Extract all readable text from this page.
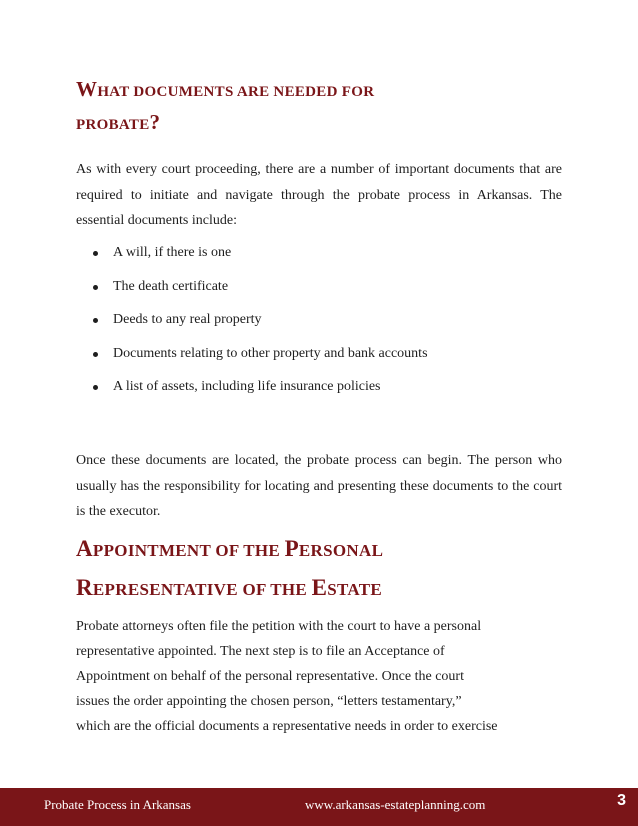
WHAT DOCUMENTS ARE NEEDED FOR
PROBATE?

As with every court proceeding, there are a number of important documents that are required to initiate and navigate through the probate process in Arkansas. The essential documents include:

A will, if there is one
The death certificate
Deeds to any real property
Documents relating to other property and bank accounts
A list of assets, including life insurance policies

Once these documents are located, the probate process can begin. The person who usually has the responsibility for locating and presenting these documents to the court is the executor.

APPOINTMENT OF THE PERSONAL
REPRESENTATIVE OF THE ESTATE

Probate attorneys often file the petition with the court to have a personal
representative appointed. The next step is to file an Acceptance of
Appointment on behalf of the personal representative. Once the court
issues the order appointing the chosen person, “letters testamentary,”
which are the official documents a representative needs in order to exercise

Probate Process in Arkansas	www.arkansas-estateplanning.com	3
